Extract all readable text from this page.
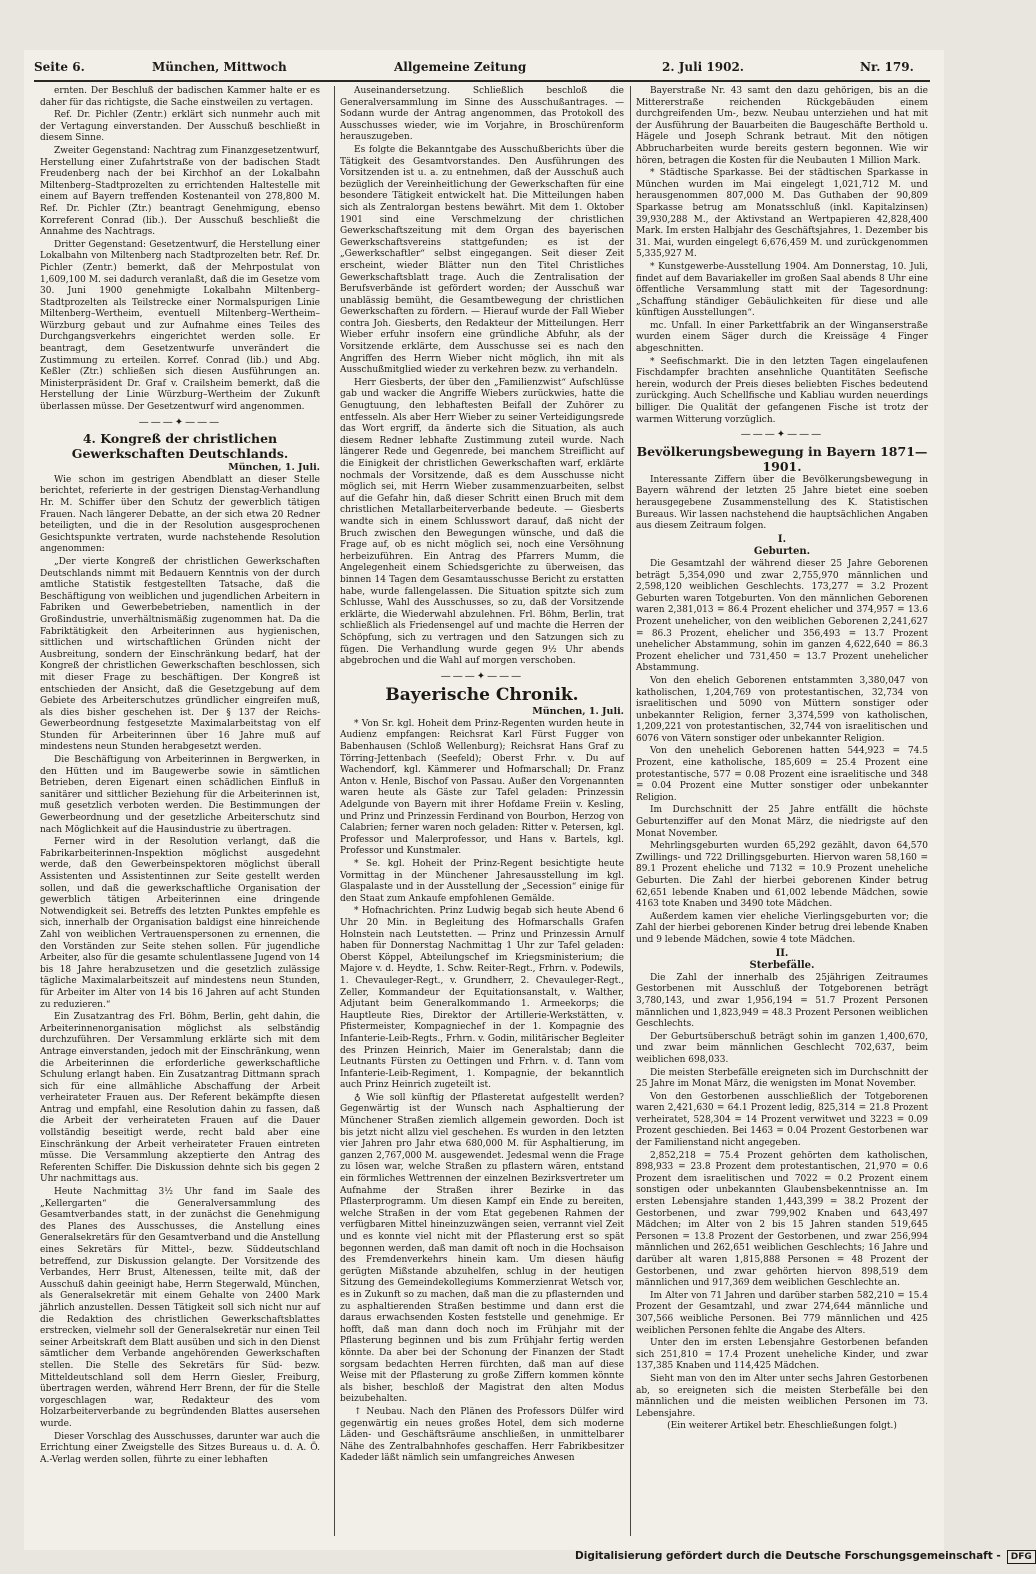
Seite 6.	München, Mittwoch	Allgemeine Zeitung	2. Juli 1902.	Nr. 179.

ernten. Der Beschluß der badischen Kammer halte er es daher für das richtigste, die Sache einstweilen zu vertagen.

Ref. Dr. Pichler (Zentr.) erklärt sich nunmehr auch mit der Vertagung einverstanden. Der Ausschuß beschließt in diesem Sinne.

Zweiter Gegenstand: Nachtrag zum Finanzgesetzentwurf, Herstellung einer Zufahrtstraße von der badischen Stadt Freudenberg nach der bei Kirchhof an der Lokalbahn Miltenberg–Stadtprozelten zu errichtenden Haltestelle mit einem auf Bayern treffenden Kostenanteil von 278,800 M. Ref. Dr. Pichler (Ztr.) beantragt Genehmigung, ebenso Korreferent Conrad (lib.). Der Ausschuß beschließt die Annahme des Nachtrags.

Dritter Gegenstand: Gesetzentwurf, die Herstellung einer Lokalbahn von Miltenberg nach Stadtprozelten betr. Ref. Dr. Pichler (Zentr.) bemerkt, daß der Mehrpostulat von 1,609,100 M. sei dadurch veranlaßt, daß die im Gesetze vom 30. Juni 1900 genehmigte Lokalbahn Miltenberg–Stadtprozelten als Teilstrecke einer Normalspurigen Linie Miltenberg–Wertheim, eventuell Miltenberg–Wertheim–Würzburg gebaut und zur Aufnahme eines Teiles des Durchgangsverkehrs eingerichtet werden solle. Er beantragt, dem Gesetzentwurfe unverändert die Zustimmung zu erteilen. Korref. Conrad (lib.) und Abg. Keßler (Ztr.) schließen sich diesen Ausführungen an. Ministerpräsident Dr. Graf v. Crailsheim bemerkt, daß die Herstellung der Linie Würzburg–Wertheim der Zukunft überlassen müsse. Der Gesetzentwurf wird angenommen.

———✦———

4. Kongreß der christlichen Gewerkschaften Deutschlands.

München, 1. Juli.

Wie schon im gestrigen Abendblatt an dieser Stelle berichtet, referierte in der gestrigen Dienstag-Verhandlung Hr. M. Schiffer über den Schutz der gewerblich tätigen Frauen. Nach längerer Debatte, an der sich etwa 20 Redner beteiligten, und die in der Resolution ausgesprochenen Gesichtspunkte vertraten, wurde nachstehende Resolution angenommen:

„Der vierte Kongreß der christlichen Gewerkschaften Deutschlands nimmt mit Bedauern Kenntnis von der durch amtliche Statistik festgestellten Tatsache, daß die Beschäftigung von weiblichen und jugendlichen Arbeitern in Fabriken und Gewerbebetrieben, namentlich in der Großindustrie, unverhältnismäßig zugenommen hat. Da die Fabriktätigkeit den Arbeiterinnen aus hygienischen, sittlichen und wirtschaftlichen Gründen nicht der Ausbreitung, sondern der Einschränkung bedarf, hat der Kongreß der christlichen Gewerkschaften beschlossen, sich mit dieser Frage zu beschäftigen. Der Kongreß ist entschieden der Ansicht, daß die Gesetzgebung auf dem Gebiete des Arbeiterschutzes gründlicher eingreifen muß, als dies bisher geschehen ist. Der § 137 der Reichs-Gewerbeordnung festgesetzte Maximalarbeitstag von elf Stunden für Arbeiterinnen über 16 Jahre muß auf mindestens neun Stunden herabgesetzt werden.

Die Beschäftigung von Arbeiterinnen in Bergwerken, in den Hütten und im Baugewerbe sowie in sämtlichen Betrieben, deren Eigenart einen schädlichen Einfluß in sanitärer und sittlicher Beziehung für die Arbeiterinnen ist, muß gesetzlich verboten werden. Die Bestimmungen der Gewerbeordnung und der gesetzliche Arbeiterschutz sind nach Möglichkeit auf die Hausindustrie zu übertragen.

Ferner wird in der Resolution verlangt, daß die Fabrikarbeiterinnen-Inspektion möglichst ausgedehnt werde, daß den Gewerbeinspektoren möglichst überall Assistenten und Assistentinnen zur Seite gestellt werden sollen, und daß die gewerkschaftliche Organisation der gewerblich tätigen Arbeiterinnen eine dringende Notwendigkeit sei. Betreffs des letzten Punktes empfehle es sich, innerhalb der Organisation baldigst eine hinreichende Zahl von weiblichen Vertrauenspersonen zu ernennen, die den Vorständen zur Seite stehen sollen. Für jugendliche Arbeiter, also für die gesamte schulentlassene Jugend von 14 bis 18 Jahre herabzusetzen und die gesetzlich zulässige tägliche Maximalarbeitszeit auf mindestens neun Stunden, für Arbeiter im Alter von 14 bis 16 Jahren auf acht Stunden zu reduzieren.“

Ein Zusatzantrag des Frl. Böhm, Berlin, geht dahin, die Arbeiterinnenorganisation möglichst als selbständig durchzuführen. Der Versammlung erklärte sich mit dem Antrage einverstanden, jedoch mit der Einschränkung, wenn die Arbeiterinnen die erforderliche gewerkschaftliche Schulung erlangt haben. Ein Zusatzantrag Dittmann sprach sich für eine allmähliche Abschaffung der Arbeit verheirateter Frauen aus. Der Referent bekämpfte diesen Antrag und empfahl, eine Resolution dahin zu fassen, daß die Arbeit der verheirateten Frauen auf die Dauer vollständig beseitigt werde, recht bald aber eine Einschränkung der Arbeit verheirateter Frauen eintreten müsse. Die Versammlung akzeptierte den Antrag des Referenten Schiffer. Die Diskussion dehnte sich bis gegen 2 Uhr nachmittags aus.

Heute Nachmittag 3½ Uhr fand im Saale des „Kellergarten“ die Generalversammlung des Gesamtverbandes statt, in der zunächst die Genehmigung des Planes des Ausschusses, die Anstellung eines Generalsekretärs für den Gesamtverband und die Anstellung eines Sekretärs für Mittel-, bezw. Süddeutschland betreffend, zur Diskussion gelangte. Der Vorsitzende des Verbandes, Herr Brust, Altenessen, teilte mit, daß der Ausschuß dahin geeinigt habe, Herrn Stegerwald, München, als Generalsekretär mit einem Gehalte von 2400 Mark jährlich anzustellen. Dessen Tätigkeit soll sich nicht nur auf die Redaktion des christlichen Gewerkschaftsblattes erstrecken, vielmehr soll der Generalsekretär nur einen Teil seiner Arbeitskraft dem Blatt ausüben und sich in den Dienst sämtlicher dem Verbande angehörenden Gewerkschaften stellen. Die Stelle des Sekretärs für Süd- bezw. Mitteldeutschland soll dem Herrn Giesler, Freiburg, übertragen werden, während Herr Brenn, der für die Stelle vorgeschlagen war, Redakteur des vom Holzarbeiterverbande zu begründenden Blattes ausersehen wurde.

Dieser Vorschlag des Ausschusses, darunter war auch die Errichtung einer Zweigstelle des Sitzes Bureaus u. d. A. Ö. A.-Verlag werden sollen, führte zu einer lebhaften

Auseinandersetzung. Schließlich beschloß die Generalversammlung im Sinne des Ausschußantrages. — Sodann wurde der Antrag angenommen, das Protokoll des Ausschusses wieder, wie im Vorjahre, in Broschürenform herauszugeben.

Es folgte die Bekanntgabe des Ausschußberichts über die Tätigkeit des Gesamtvorstandes. Den Ausführungen des Vorsitzenden ist u. a. zu entnehmen, daß der Ausschuß auch bezüglich der Vereinheitlichung der Gewerkschaften für eine besondere Tätigkeit entwickelt hat. Die Mitteilungen haben sich als Zentralorgan bestens bewährt. Mit dem 1. Oktober 1901 sind eine Verschmelzung der christlichen Gewerkschaftszeitung mit dem Organ des bayerischen Gewerkschaftsvereins stattgefunden; es ist der „Gewerkschaftler“ selbst eingegangen. Seit dieser Zeit erscheint, wieder Blätter nun den Titel Christliches Gewerkschaftsblatt trage. Auch die Zentralisation der Berufsverbände ist gefördert worden; der Ausschuß war unablässig bemüht, die Gesamtbewegung der christlichen Gewerkschaften zu fördern. — Hierauf wurde der Fall Wieber contra Joh. Giesberts, den Redakteur der Mitteilungen. Herr Wieber erfuhr insofern eine gründliche Abfuhr, als der Vorsitzende erklärte, dem Ausschusse sei es nach den Angriffen des Herrn Wieber nicht möglich, ihn mit als Ausschußmitglied wieder zu verkehren bezw. zu verhandeln.

Herr Giesberts, der über den „Familienzwist“ Aufschlüsse gab und wacker die Angriffe Wiebers zurückwies, hatte die Genugtuung, den lebhaftesten Beifall der Zuhörer zu entfesseln. Als aber Herr Wieber zu seiner Verteidigungsrede das Wort ergriff, da änderte sich die Situation, als auch diesem Redner lebhafte Zustimmung zuteil wurde. Nach längerer Rede und Gegenrede, bei manchem Streiflicht auf die Einigkeit der christlichen Gewerkschaften warf, erklärte nochmals der Vorsitzende, daß es dem Ausschusse nicht möglich sei, mit Herrn Wieber zusammenzuarbeiten, selbst auf die Gefahr hin, daß dieser Schritt einen Bruch mit dem christlichen Metallarbeiterverbande bedeute. — Giesberts wandte sich in einem Schlusswort darauf, daß nicht der Bruch zwischen den Bewegungen wünsche, und daß die Frage auf, ob es nicht möglich sei, noch eine Versöhnung herbeizuführen. Ein Antrag des Pfarrers Mumm, die Angelegenheit einem Schiedsgerichte zu überweisen, das binnen 14 Tagen dem Gesamtausschusse Bericht zu erstatten habe, wurde fallengelassen. Die Situation spitzte sich zum Schlusse, Wahl des Ausschusses, so zu, daß der Vorsitzende erklärte, die Wiederwahl abzulehnen. Frl. Böhm, Berlin, trat schließlich als Friedensengel auf und machte die Herren der Schöpfung, sich zu vertragen und den Satzungen sich zu fügen. Die Verhandlung wurde gegen 9½ Uhr abends abgebrochen und die Wahl auf morgen verschoben.

———✦———

Bayerische Chronik.

München, 1. Juli.

* Von Sr. kgl. Hoheit dem Prinz-Regenten wurden heute in Audienz empfangen: Reichsrat Karl Fürst Fugger von Babenhausen (Schloß Wellenburg); Reichsrat Hans Graf zu Törring-Jettenbach (Seefeld); Oberst Frhr. v. Du auf Wachendorf, kgl. Kämmerer und Hofmarschall; Dr. Franz Anton v. Henle, Bischof von Passau. Außer den Vorgenannten waren heute als Gäste zur Tafel geladen: Prinzessin Adelgunde von Bayern mit ihrer Hofdame Freiin v. Kesling, und Prinz und Prinzessin Ferdinand von Bourbon, Herzog von Calabrien; ferner waren noch geladen: Ritter v. Petersen, kgl. Professor und Malerprofessor, und Hans v. Bartels, kgl. Professor und Kunstmaler.

* Se. kgl. Hoheit der Prinz-Regent besichtigte heute Vormittag in der Münchener Jahresausstellung im kgl. Glaspalaste und in der Ausstellung der „Secession“ einige für den Staat zum Ankaufe empfohlenen Gemälde.

* Hofnachrichten. Prinz Ludwig begab sich heute Abend 6 Uhr 20 Min. in Begleitung des Hofmarschalls Grafen Holnstein nach Leutstetten. — Prinz und Prinzessin Arnulf haben für Donnerstag Nachmittag 1 Uhr zur Tafel geladen: Oberst Köppel, Abteilungschef im Kriegsministerium; die Majore v. d. Heydte, 1. Schw. Reiter-Regt., Frhrn. v. Podewils, 1. Chevauleger-Regt., v. Grundherr, 2. Chevauleger-Regt., Zeller, Kommandeur der Equitationsanstalt, v. Walther, Adjutant beim Generalkommando 1. Armeekorps; die Hauptleute Ries, Direktor der Artillerie-Werkstätten, v. Pfistermeister, Kompagniechef in der 1. Kompagnie des Infanterie-Leib-Regts., Frhrn. v. Godin, militärischer Begleiter des Prinzen Heinrich, Maier im Generalstab; dann die Leutnants Fürsten zu Oettingen und Frhrn. v. d. Tann vom Infanterie-Leib-Regiment, 1. Kompagnie, der bekanntlich auch Prinz Heinrich zugeteilt ist.

♁ Wie soll künftig der Pflasteretat aufgestellt werden? Gegenwärtig ist der Wunsch nach Asphaltierung der Münchener Straßen ziemlich allgemein geworden. Doch ist bis jetzt nicht allzu viel geschehen. Es wurden in den letzten vier Jahren pro Jahr etwa 680,000 M. für Asphaltierung, im ganzen 2,767,000 M. ausgewendet. Jedesmal wenn die Frage zu lösen war, welche Straßen zu pflastern wären, entstand ein förmliches Wettrennen der einzelnen Bezirksvertreter um Aufnahme der Straßen ihrer Bezirke in das Pflasterprogramm. Um diesen Kampf ein Ende zu bereiten, welche Straßen in der vom Etat gegebenen Rahmen der verfügbaren Mittel hineinzuzwängen seien, verrannt viel Zeit und es konnte viel nicht mit der Pflasterung erst so spät begonnen werden, daß man damit oft noch in die Hochsaison des Fremdenverkehrs hinein kam. Um diesen häufig gerügten Mißstande abzuhelfen, schlug in der heutigen Sitzung des Gemeindekollegiums Kommerzienrat Wetsch vor, es in Zukunft so zu machen, daß man die zu pflasternden und zu asphaltierenden Straßen bestimme und dann erst die daraus erwachsenden Kosten feststelle und genehmige. Er hofft, daß man dann doch noch im Frühjahr mit der Pflasterung beginnen und bis zum Frühjahr fertig werden könnte. Da aber bei der Schonung der Finanzen der Stadt sorgsam bedachten Herren fürchten, daß man auf diese Weise mit der Pflasterung zu große Ziffern kommen könnte als bisher, beschloß der Magistrat den alten Modus beizubehalten.

↑ Neubau. Nach den Plänen des Professors Dülfer wird gegenwärtig ein neues großes Hotel, dem sich moderne Läden- und Geschäftsräume anschließen, in unmittelbarer Nähe des Zentralbahnhofes geschaffen. Herr Fabrikbesitzer Kadeder läßt nämlich sein umfangreiches Anwesen

Bayerstraße Nr. 43 samt den dazu gehörigen, bis an die Mittererstraße reichenden Rückgebäuden einem durchgreifenden Um-, bezw. Neubau unterziehen und hat mit der Ausführung der Bauarbeiten die Baugeschäfte Berthold u. Hägele und Joseph Schrank betraut. Mit den nötigen Abbrucharbeiten wurde bereits gestern begonnen. Wie wir hören, betragen die Kosten für die Neubauten 1 Million Mark.

* Städtische Sparkasse. Bei der städtischen Sparkasse in München wurden im Mai eingelegt 1,021,712 M. und herausgenommen 807,000 M. Das Guthaben der 90,809 Sparkasse betrug am Monatsschluß (inkl. Kapitalzinsen) 39,930,288 M., der Aktivstand an Wertpapieren 42,828,400 Mark. Im ersten Halbjahr des Geschäftsjahres, 1. Dezember bis 31. Mai, wurden eingelegt 6,676,459 M. und zurückgenommen 5,335,927 M.

* Kunstgewerbe-Ausstellung 1904. Am Donnerstag, 10. Juli, findet auf dem Bavariakeller im großen Saal abends 8 Uhr eine öffentliche Versammlung statt mit der Tagesordnung: „Schaffung ständiger Gebäulichkeiten für diese und alle künftigen Ausstellungen“.

mc. Unfall. In einer Parkettfabrik an der Winganserstraße wurden einem Säger durch die Kreissäge 4 Finger abgeschnitten.

* Seefischmarkt. Die in den letzten Tagen eingelaufenen Fischdampfer brachten ansehnliche Quantitäten Seefische herein, wodurch der Preis dieses beliebten Fisches bedeutend zurückging. Auch Schellfische und Kabliau wurden neuerdings billiger. Die Qualität der gefangenen Fische ist trotz der warmen Witterung vorzüglich.

———✦———

Bevölkerungsbewegung in Bayern 1871—1901.

Interessante Ziffern über die Bevölkerungsbewegung in Bayern während der letzten 25 Jahre bietet eine soeben herausgegebene Zusammenstellung des K. Statistischen Bureaus. Wir lassen nachstehend die hauptsächlichen Angaben aus diesem Zeitraum folgen.

I.

Geburten.

Die Gesamtzahl der während dieser 25 Jahre Geborenen beträgt 5,354,090 und zwar 2,755,970 männlichen und 2,598,120 weiblichen Geschlechts. 173,277 = 3.2 Prozent Geburten waren Totgeburten. Von den männlichen Geborenen waren 2,381,013 = 86.4 Prozent ehelicher und 374,957 = 13.6 Prozent unehelicher, von den weiblichen Geborenen 2,241,627 = 86.3 Prozent, ehelicher und 356,493 = 13.7 Prozent unehelicher Abstammung, sohin im ganzen 4,622,640 = 86.3 Prozent ehelicher und 731,450 = 13.7 Prozent unehelicher Abstammung.

Von den ehelich Geborenen entstammten 3,380,047 von katholischen, 1,204,769 von protestantischen, 32,734 von israelitischen und 5090 von Müttern sonstiger oder unbekannter Religion, ferner 3,374,599 von katholischen, 1,209,221 von protestantischen, 32,744 von israelitischen und 6076 von Vätern sonstiger oder unbekannter Religion.

Von den unehelich Geborenen hatten 544,923 = 74.5 Prozent, eine katholische, 185,609 = 25.4 Prozent eine protestantische, 577 = 0.08 Prozent eine israelitische und 348 = 0.04 Prozent eine Mutter sonstiger oder unbekannter Religion.

Im Durchschnitt der 25 Jahre entfällt die höchste Geburtenziffer auf den Monat März, die niedrigste auf den Monat November.

Mehrlingsgeburten wurden 65,292 gezählt, davon 64,570 Zwillings- und 722 Drillingsgeburten. Hiervon waren 58,160 = 89.1 Prozent eheliche und 7132 = 10.9 Prozent uneheliche Geburten. Die Zahl der hierbei geborenen Kinder betrug 62,651 lebende Knaben und 61,002 lebende Mädchen, sowie 4163 tote Knaben und 3490 tote Mädchen.

Außerdem kamen vier eheliche Vierlingsgeburten vor; die Zahl der hierbei geborenen Kinder betrug drei lebende Knaben und 9 lebende Mädchen, sowie 4 tote Mädchen.

II.

Sterbefälle.

Die Zahl der innerhalb des 25jährigen Zeitraumes Gestorbenen mit Ausschluß der Totgeborenen beträgt 3,780,143, und zwar 1,956,194 = 51.7 Prozent Personen männlichen und 1,823,949 = 48.3 Prozent Personen weiblichen Geschlechts.

Der Geburtsüberschuß beträgt sohin im ganzen 1,400,670, und zwar beim männlichen Geschlecht 702,637, beim weiblichen 698,033.

Die meisten Sterbefälle ereigneten sich im Durchschnitt der 25 Jahre im Monat März, die wenigsten im Monat November.

Von den Gestorbenen ausschließlich der Totgeborenen waren 2,421,630 = 64.1 Prozent ledig, 825,314 = 21.8 Prozent verheiratet, 528,304 = 14 Prozent verwitwet und 3223 = 0.09 Prozent geschieden. Bei 1463 = 0.04 Prozent Gestorbenen war der Familienstand nicht angegeben.

2,852,218 = 75.4 Prozent gehörten dem katholischen, 898,933 = 23.8 Prozent dem protestantischen, 21,970 = 0.6 Prozent dem israelitischen und 7022 = 0.2 Prozent einem sonstigen oder unbekannten Glaubensbekenntnisse an. Im ersten Lebensjahre standen 1,443,399 = 38.2 Prozent der Gestorbenen, und zwar 799,902 Knaben und 643,497 Mädchen; im Alter von 2 bis 15 Jahren standen 519,645 Personen = 13.8 Prozent der Gestorbenen, und zwar 256,994 männlichen und 262,651 weiblichen Geschlechts; 16 Jahre und darüber alt waren 1,815,888 Personen = 48 Prozent der Gestorbenen, und zwar gehörten hiervon 898,519 dem männlichen und 917,369 dem weiblichen Geschlechte an.

Im Alter von 71 Jahren und darüber starben 582,210 = 15.4 Prozent der Gesamtzahl, und zwar 274,644 männliche und 307,566 weibliche Personen. Bei 779 männlichen und 425 weiblichen Personen fehlte die Angabe des Alters.

Unter den im ersten Lebensjahre Gestorbenen befanden sich 251,810 = 17.4 Prozent uneheliche Kinder, und zwar 137,385 Knaben und 114,425 Mädchen.

Sieht man von den im Alter unter sechs Jahren Gestorbenen ab, so ereigneten sich die meisten Sterbefälle bei den männlichen und die meisten weiblichen Personen im 73. Lebensjahre.

(Ein weiterer Artikel betr. Eheschließungen folgt.)

Digitalisierung gefördert durch die Deutsche Forschungsgemeinschaft - DFG
